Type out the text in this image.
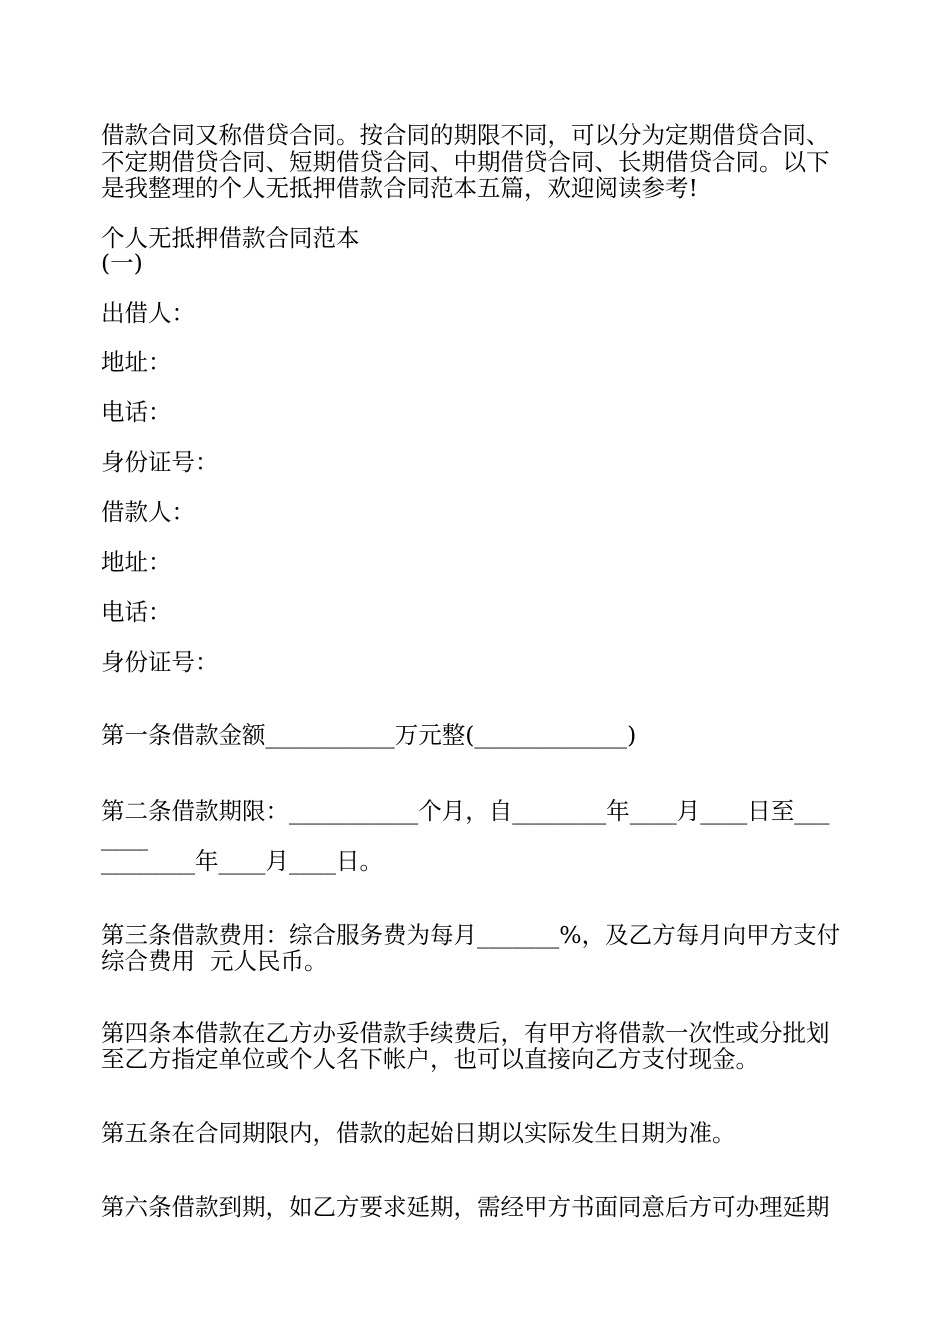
借款合同又称借贷合同。按合同的期限不同，可以分为定期借贷合同、
不定期借贷合同、短期借贷合同、中期借贷合同、长期借贷合同。以下
是我整理的个人无抵押借款合同范本五篇，欢迎阅读参考!
个人无抵押借款合同范本
(一)
出借人：
地址：
电话：
身份证号：
借款人：
地址：
电话：
身份证号：
第一条借款金额___________万元整(_____________)
第二条借款期限：___________个月，自________年____月____日至___
____
________年____月____日。
第三条借款费用：综合服务费为每月_______%，及乙方每月向甲方支付
综合费用  元人民币。
第四条本借款在乙方办妥借款手续费后，有甲方将借款一次性或分批划
至乙方指定单位或个人名下帐户，也可以直接向乙方支付现金。
第五条在合同期限内，借款的起始日期以实际发生日期为准。
第六条借款到期，如乙方要求延期，需经甲方书面同意后方可办理延期
